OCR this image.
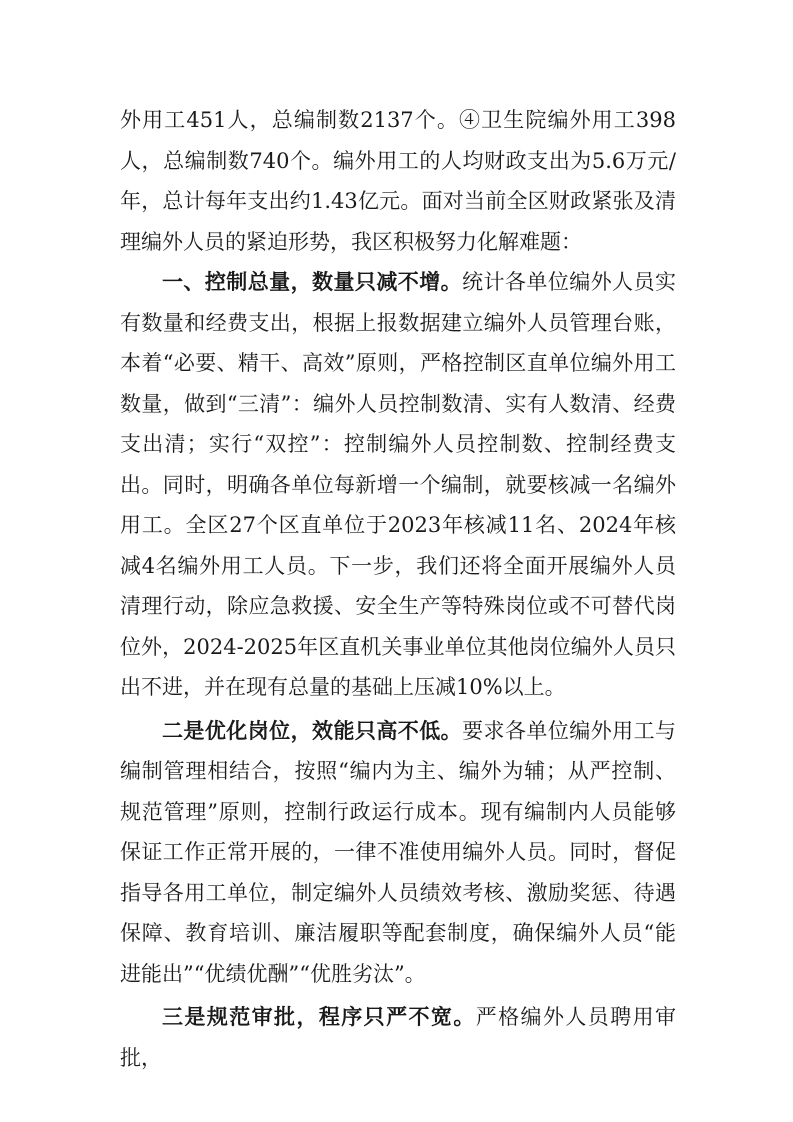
外用工451人，总编制数2137个。④卫生院编外用工398人，总编制数740个。编外用工的人均财政支出为5.6万元/年，总计每年支出约1.43亿元。面对当前全区财政紧张及清理编外人员的紧迫形势，我区积极努力化解难题：

一、控制总量，数量只减不增。统计各单位编外人员实有数量和经费支出，根据上报数据建立编外人员管理台账，本着“必要、精干、高效”原则，严格控制区直单位编外用工数量，做到“三清”：编外人员控制数清、实有人数清、经费支出清；实行“双控”：控制编外人员控制数、控制经费支出。同时，明确各单位每新增一个编制，就要核减一名编外用工。全区27个区直单位于2023年核减11名、2024年核减4名编外用工人员。下一步，我们还将全面开展编外人员清理行动，除应急救援、安全生产等特殊岗位或不可替代岗位外，2024-2025年区直机关事业单位其他岗位编外人员只出不进，并在现有总量的基础上压减10%以上。

二是优化岗位，效能只高不低。要求各单位编外用工与编制管理相结合，按照“编内为主、编外为辅；从严控制、规范管理”原则，控制行政运行成本。现有编制内人员能够保证工作正常开展的，一律不准使用编外人员。同时，督促指导各用工单位，制定编外人员绩效考核、激励奖惩、待遇保障、教育培训、廉洁履职等配套制度，确保编外人员“能进能出”“优绩优酬”“优胜劣汰”。

三是规范审批，程序只严不宽。严格编外人员聘用审批，
